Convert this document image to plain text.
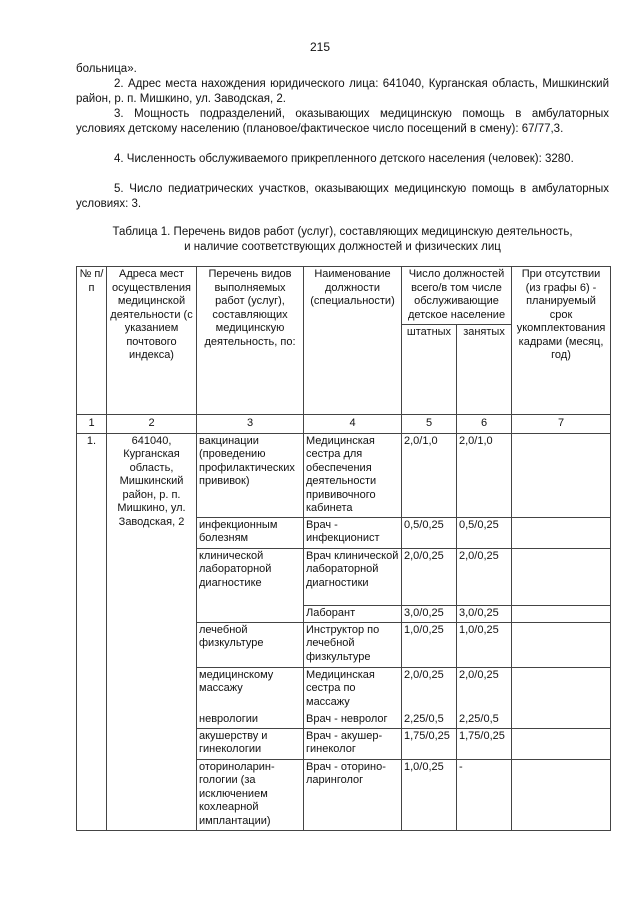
215
больница».
2. Адрес места нахождения юридического лица: 641040, Курганская область, Мишкинский район, р. п. Мишкино, ул. Заводская, 2.
3. Мощность подразделений, оказывающих медицинскую помощь в амбулаторных условиях детскому населению (плановое/фактическое число посещений в смену): 67/77,3.
4. Численность обслуживаемого прикрепленного детского населения (человек): 3280.
5. Число педиатрических участков, оказывающих медицинскую помощь в амбулаторных условиях: 3.
Таблица 1. Перечень видов работ (услуг), составляющих медицинскую деятельность,
и наличие соответствующих должностей и физических лиц
№ п/п	Адреса мест осуществления медицинской деятельности (с указанием почтового индекса)	Перечень видов выполняемых работ (услуг), составляющих медицинскую деятельность, по:	Наименование должности (специальности)	Число должностей всего/в том числе обслуживающие детское население		При отсутствии (из графы 6) - планируемый срок укомплектования кадрами (месяц, год)
				штатных	занятых	
1	2	3	4	5	6	7
1.	641040, Курганская область, Мишкинский район, р. п. Мишкино, ул. Заводская, 2	вакцинации (проведению профилактических прививок)	Медицинская сестра для обеспечения деятельности прививочного кабинета	2,0/1,0	2,0/1,0	
		инфекционным болезням	Врач - инфекционист	0,5/0,25	0,5/0,25	
		клинической лабораторной диагностике	Врач клинической лабораторной диагностики	2,0/0,25	2,0/0,25	
			Лаборант	3,0/0,25	3,0/0,25	
		лечебной физкультуре	Инструктор по лечебной физкультуре	1,0/0,25	1,0/0,25	
		медицинскому массажу	Медицинская сестра по массажу	2,0/0,25	2,0/0,25	
		неврологии	Врач - невролог	2,25/0,5	2,25/0,5	
		акушерству и гинекологии	Врач - акушер-гинеколог	1,75/0,25	1,75/0,25	
		оториноларин-гологии (за исключением кохлеарной имплантации)	Врач - оторино-ларинголог	1,0/0,25	-	
